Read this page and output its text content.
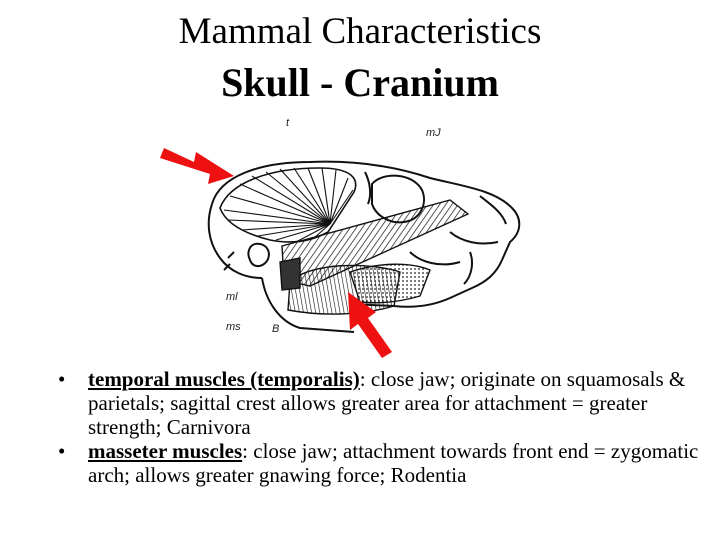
Mammal Characteristics
Skull - Cranium
t
mJ
ml
ms	B

• temporal muscles (temporalis): close jaw; originate on squamosals & parietals; sagittal crest allows greater area for attachment = greater strength; Carnivora

• masseter muscles: close jaw; attachment towards front end = zygomatic arch; allows greater gnawing force; Rodentia
